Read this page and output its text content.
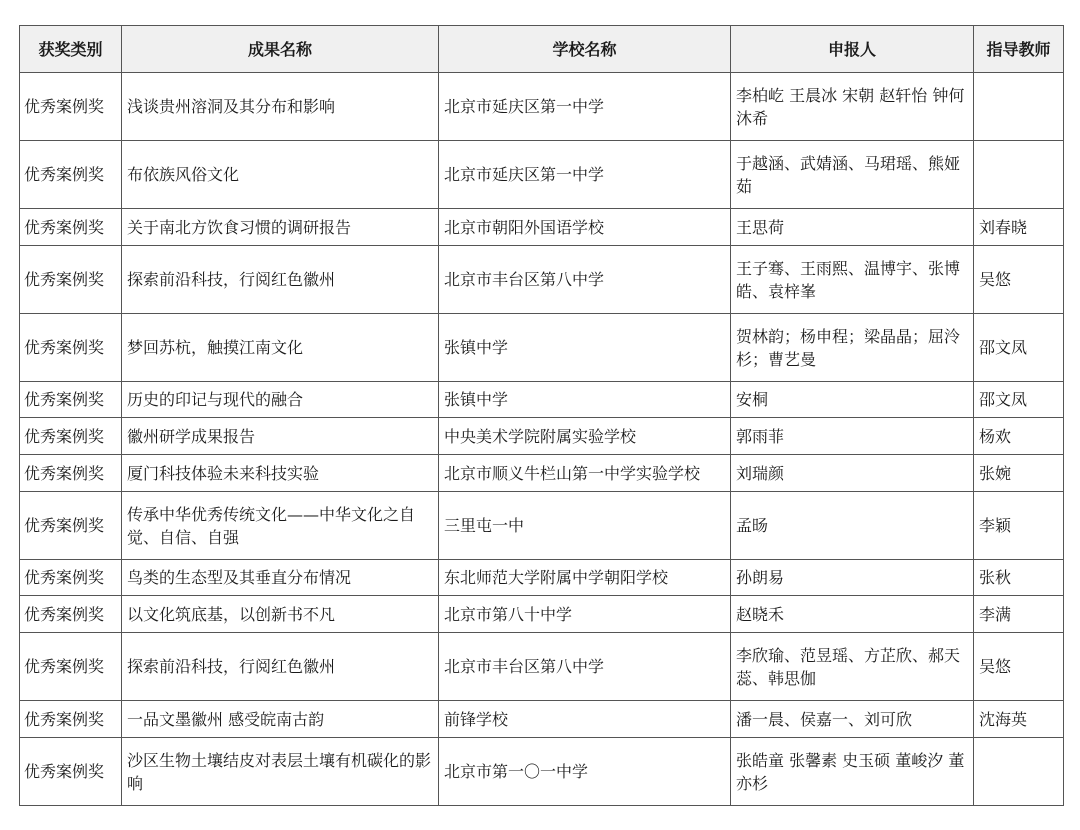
获奖类别	成果名称	学校名称	申报人	指导教师
优秀案例奖	浅谈贵州溶洞及其分布和影响	北京市延庆区第一中学	李柏屹 王晨冰 宋朝 赵轩怡 钟何沐希	
优秀案例奖	布依族风俗文化	北京市延庆区第一中学	于越涵、武婧涵、马珺瑶、熊娅茹	
优秀案例奖	关于南北方饮食习惯的调研报告	北京市朝阳外国语学校	王思荷	刘春晓
优秀案例奖	探索前沿科技，行阅红色徽州	北京市丰台区第八中学	王子骞、王雨熙、温博宇、张博皓、袁梓峯	吴悠
优秀案例奖	梦回苏杭，触摸江南文化	张镇中学	贺林韵；杨申程；梁晶晶；屈泠杉；曹艺曼	邵文凤
优秀案例奖	历史的印记与现代的融合	张镇中学	安桐	邵文凤
优秀案例奖	徽州研学成果报告	中央美术学院附属实验学校	郭雨菲	杨欢
优秀案例奖	厦门科技体验未来科技实验	北京市顺义牛栏山第一中学实验学校	刘瑞颜	张婉
优秀案例奖	传承中华优秀传统文化——中华文化之自觉、自信、自强	三里屯一中	孟旸	李颖
优秀案例奖	鸟类的生态型及其垂直分布情况	东北师范大学附属中学朝阳学校	孙朗易	张秋
优秀案例奖	以文化筑底基，以创新书不凡	北京市第八十中学	赵晓禾	李满
优秀案例奖	探索前沿科技，行阅红色徽州	北京市丰台区第八中学	李欣瑜、范昱瑶、方芷欣、郝天蕊、韩思伽	吴悠
优秀案例奖	一品文墨徽州 感受皖南古韵	前锋学校	潘一晨、侯嘉一、刘可欣	沈海英
优秀案例奖	沙区生物土壤结皮对表层土壤有机碳化的影响	北京市第一〇一中学	张皓童 张馨素 史玉硕 董峻汐 董亦杉	
